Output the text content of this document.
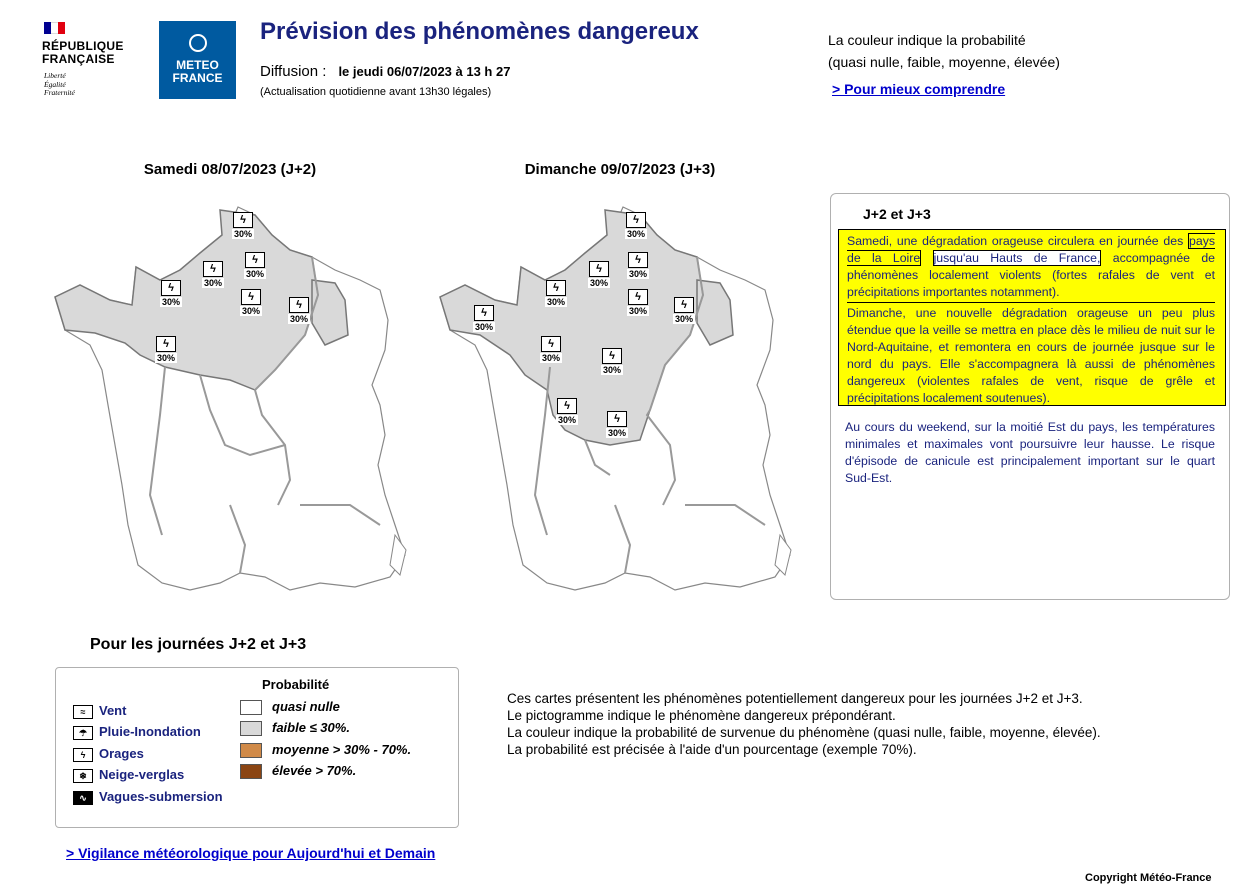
RÉPUBLIQUE
FRANÇAISE
Liberté
Égalité
Fraternité
METEO
FRANCE
Prévision des phénomènes dangereux
Diffusion : le jeudi 06/07/2023 à 13 h 27
(Actualisation quotidienne avant 13h30 légales)
La couleur indique la probabilité
(quasi nulle, faible, moyenne, élevée)
> Pour mieux comprendre
Samedi 08/07/2023 (J+2)	Dimanche 09/07/2023 (J+3)
ϟ
30%
ϟ
30%
ϟ
30%
ϟ
30%	ϟ
30%	ϟ
30%
ϟ
30%
ϟ
30%
ϟ
30%
ϟ
30%
ϟ
30%	ϟ
30%	ϟ
30%
ϟ
30%
ϟ
30%	ϟ
30%
ϟ
30%	ϟ
30%
J+2 et J+3
Samedi, une dégradation orageuse circulera en journée des pays de la Loire jusqu'au Hauts de France, accompagnée de phénomènes localement violents (fortes rafales de vent et précipitations importantes notamment).
Dimanche, une nouvelle dégradation orageuse un peu plus étendue que la veille se mettra en place dès le milieu de nuit sur le Nord-Aquitaine, et remontera en cours de journée jusque sur le nord du pays. Elle s'accompagnera là aussi de phénomènes dangereux (violentes rafales de vent, risque de grêle et précipitations localement soutenues).
Au cours du weekend, sur la moitié Est du pays, les températures minimales et maximales vont poursuivre leur hausse. Le risque d'épisode de canicule est principalement important sur le quart Sud-Est.
Pour les journées J+2 et J+3
≈ Vent
☂ Pluie-Inondation
ϟ Orages
❄ Neige-verglas
∿ Vagues-submersion
Probabilité
quasi nulle
faible ≤ 30%.
moyenne > 30% - 70%.
élevée > 70%.
Ces cartes présentent les phénomènes potentiellement dangereux pour les journées J+2 et J+3.
Le pictogramme indique le phénomène dangereux prépondérant.
La couleur indique la probabilité de survenue du phénomène (quasi nulle, faible, moyenne, élevée).
La probabilité est précisée à l'aide d'un pourcentage (exemple 70%).
> Vigilance météorologique pour Aujourd'hui et Demain
Copyright Météo-France
